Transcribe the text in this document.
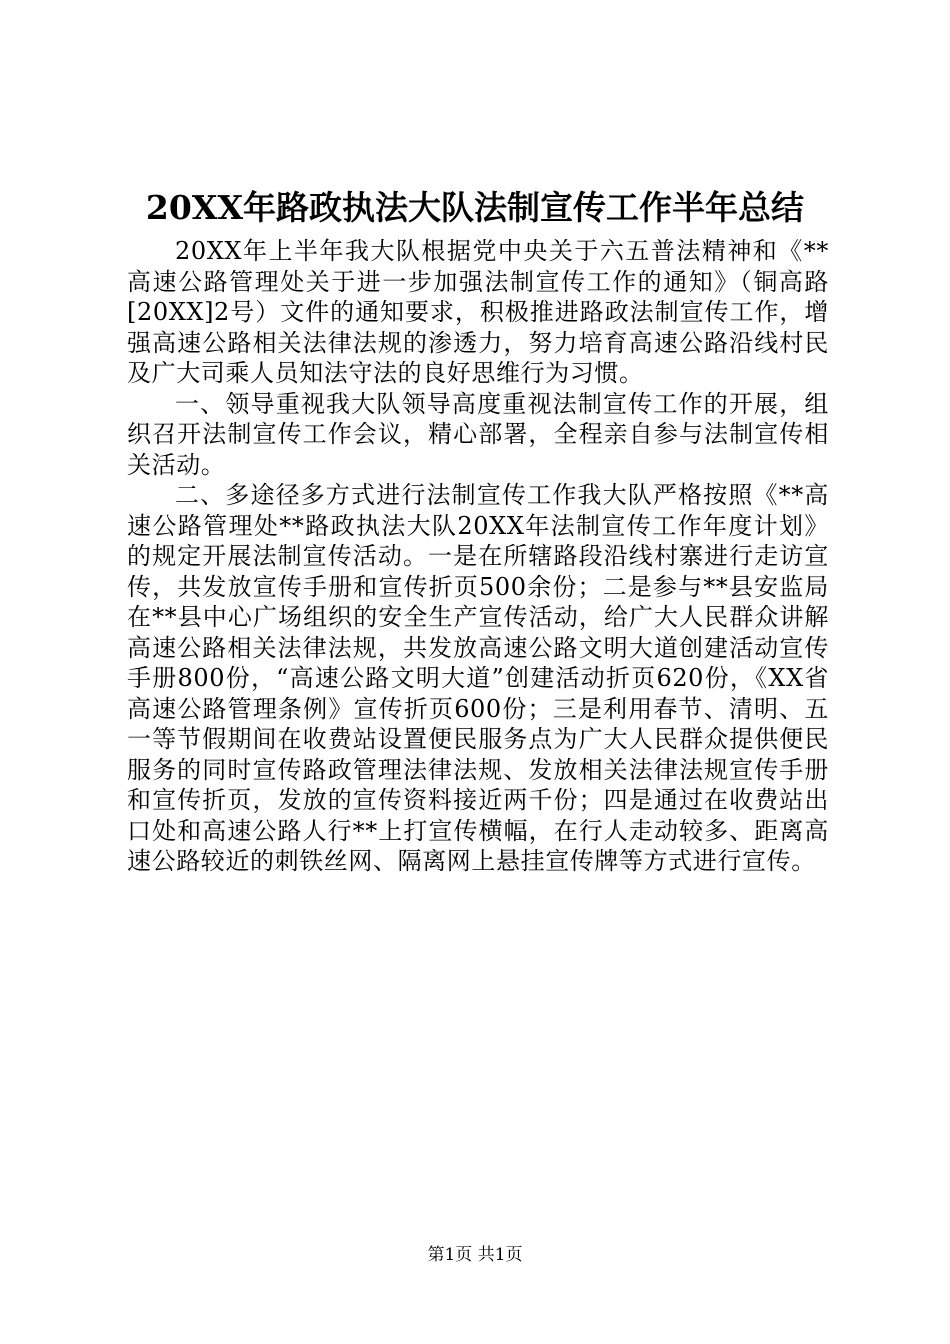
20XX年路政执法大队法制宣传工作半年总结

20XX年上半年我大队根据党中央关于六五普法精神和《**高速公路管理处关于进一步加强法制宣传工作的通知》（铜高路[20XX]2号）文件的通知要求，积极推进路政法制宣传工作，增强高速公路相关法律法规的渗透力，努力培育高速公路沿线村民及广大司乘人员知法守法的良好思维行为习惯。

一、领导重视我大队领导高度重视法制宣传工作的开展，组织召开法制宣传工作会议，精心部署，全程亲自参与法制宣传相关活动。

二、多途径多方式进行法制宣传工作我大队严格按照《**高速公路管理处**路政执法大队20XX年法制宣传工作年度计划》的规定开展法制宣传活动。一是在所辖路段沿线村寨进行走访宣传，共发放宣传手册和宣传折页500余份；二是参与**县安监局在**县中心广场组织的安全生产宣传活动，给广大人民群众讲解高速公路相关法律法规，共发放高速公路文明大道创建活动宣传手册800份，“高速公路文明大道”创建活动折页620份，《XX省高速公路管理条例》宣传折页600份；三是利用春节、清明、五一等节假期间在收费站设置便民服务点为广大人民群众提供便民服务的同时宣传路政管理法律法规、发放相关法律法规宣传手册和宣传折页，发放的宣传资料接近两千份；四是通过在收费站出口处和高速公路人行**上打宣传横幅，在行人走动较多、距离高速公路较近的刺铁丝网、隔离网上悬挂宣传牌等方式进行宣传。

第1页 共1页
